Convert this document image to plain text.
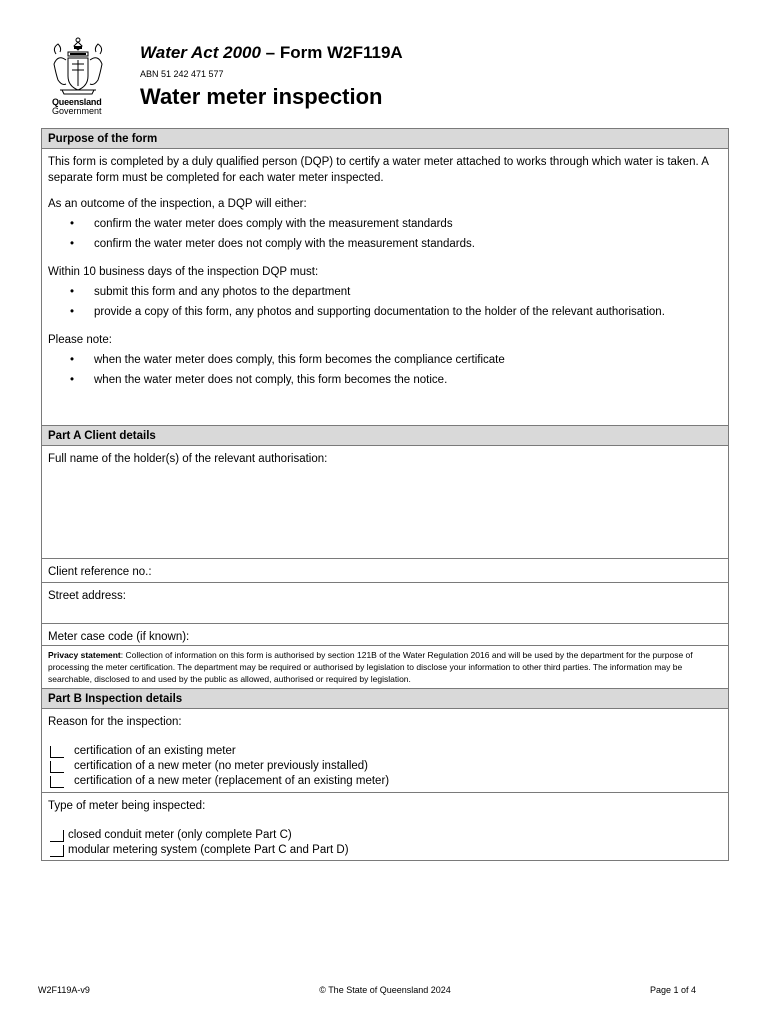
Queensland
Government
Water Act 2000 – Form W2F119A
ABN 51 242 471 577
Water meter inspection
Purpose of the form

This form is completed by a duly qualified person (DQP) to certify a water meter attached to works through which water is taken. A separate form must be completed for each water meter inspected.

As an outcome of the inspection, a DQP will either:

• confirm the water meter does comply with the measurement standards
• confirm the water meter does not comply with the measurement standards.

Within 10 business days of the inspection DQP must:

• submit this form and any photos to the department
• provide a copy of this form, any photos and supporting documentation to the holder of the relevant authorisation.

Please note:

• when the water meter does comply, this form becomes the compliance certificate
• when the water meter does not comply, this form becomes the notice.
Part A Client details

Full name of the holder(s) of the relevant authorisation:

Client reference no.:

Street address:

Meter case code (if known):

Privacy statement: Collection of information on this form is authorised by section 121B of the Water Regulation 2016 and will be used by the department for the purpose of processing the meter certification. The department may be required or authorised by legislation to disclose your information to other third parties. The information may be searchable, disclosed to and used by the public as allowed, authorised or required by legislation.
Part B Inspection details

Reason for the inspection:

certification of an existing meter
certification of a new meter (no meter previously installed)
certification of a new meter (replacement of an existing meter)

Type of meter being inspected:

closed conduit meter (only complete Part C)
modular metering system (complete Part C and Part D)
W2F119A-v9	© The State of Queensland 2024	Page 1 of 4
